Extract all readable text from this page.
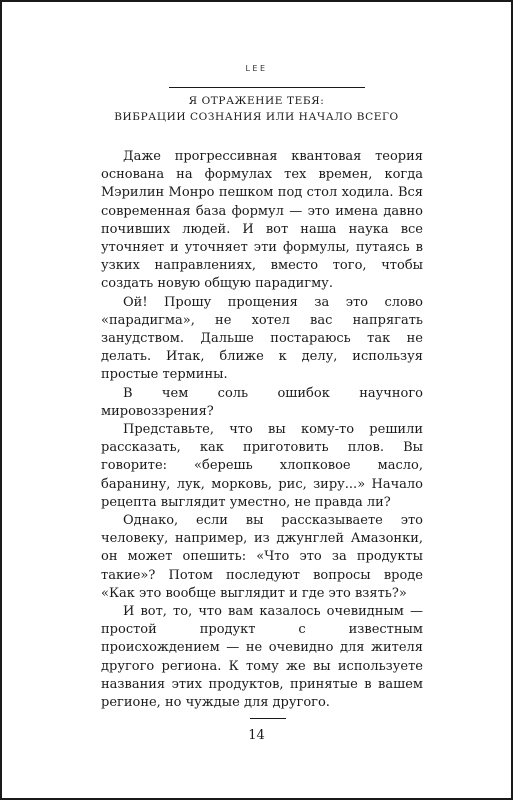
LEE
Я ОТРАЖЕНИЕ ТЕБЯ:
ВИБРАЦИИ СОЗНАНИЯ ИЛИ НАЧАЛО ВСЕГО

Даже прогрессивная квантовая теория основана на формулах тех времен, когда Мэрилин Монро пешком под стол ходила. Вся современная база формул — это имена давно почивших людей. И вот наша наука все уточняет и уточняет эти формулы, путаясь в узких направлениях, вместо того, чтобы создать новую общую парадигму.

Ой! Прошу прощения за это слово «парадигма», не хотел вас напрягать занудством. Дальше постараюсь так не делать. Итак, ближе к делу, используя простые термины.

В чем соль ошибок научного мировоззрения?

Представьте, что вы кому-то решили рассказать, как приготовить плов. Вы говорите: «берешь хлопковое масло, баранину, лук, морковь, рис, зиру...» Начало рецепта выглядит уместно, не правда ли?

Однако, если вы рассказываете это человеку, например, из джунглей Амазонки, он может опешить: «Что это за продукты такие»? Потом последуют вопросы вроде «Как это вообще выглядит и где это взять?»

И вот, то, что вам казалось очевидным — простой продукт с известным происхождением — не очевидно для жителя другого региона. К тому же вы используете названия этих продуктов, принятые в вашем регионе, но чуждые для другого.

14
